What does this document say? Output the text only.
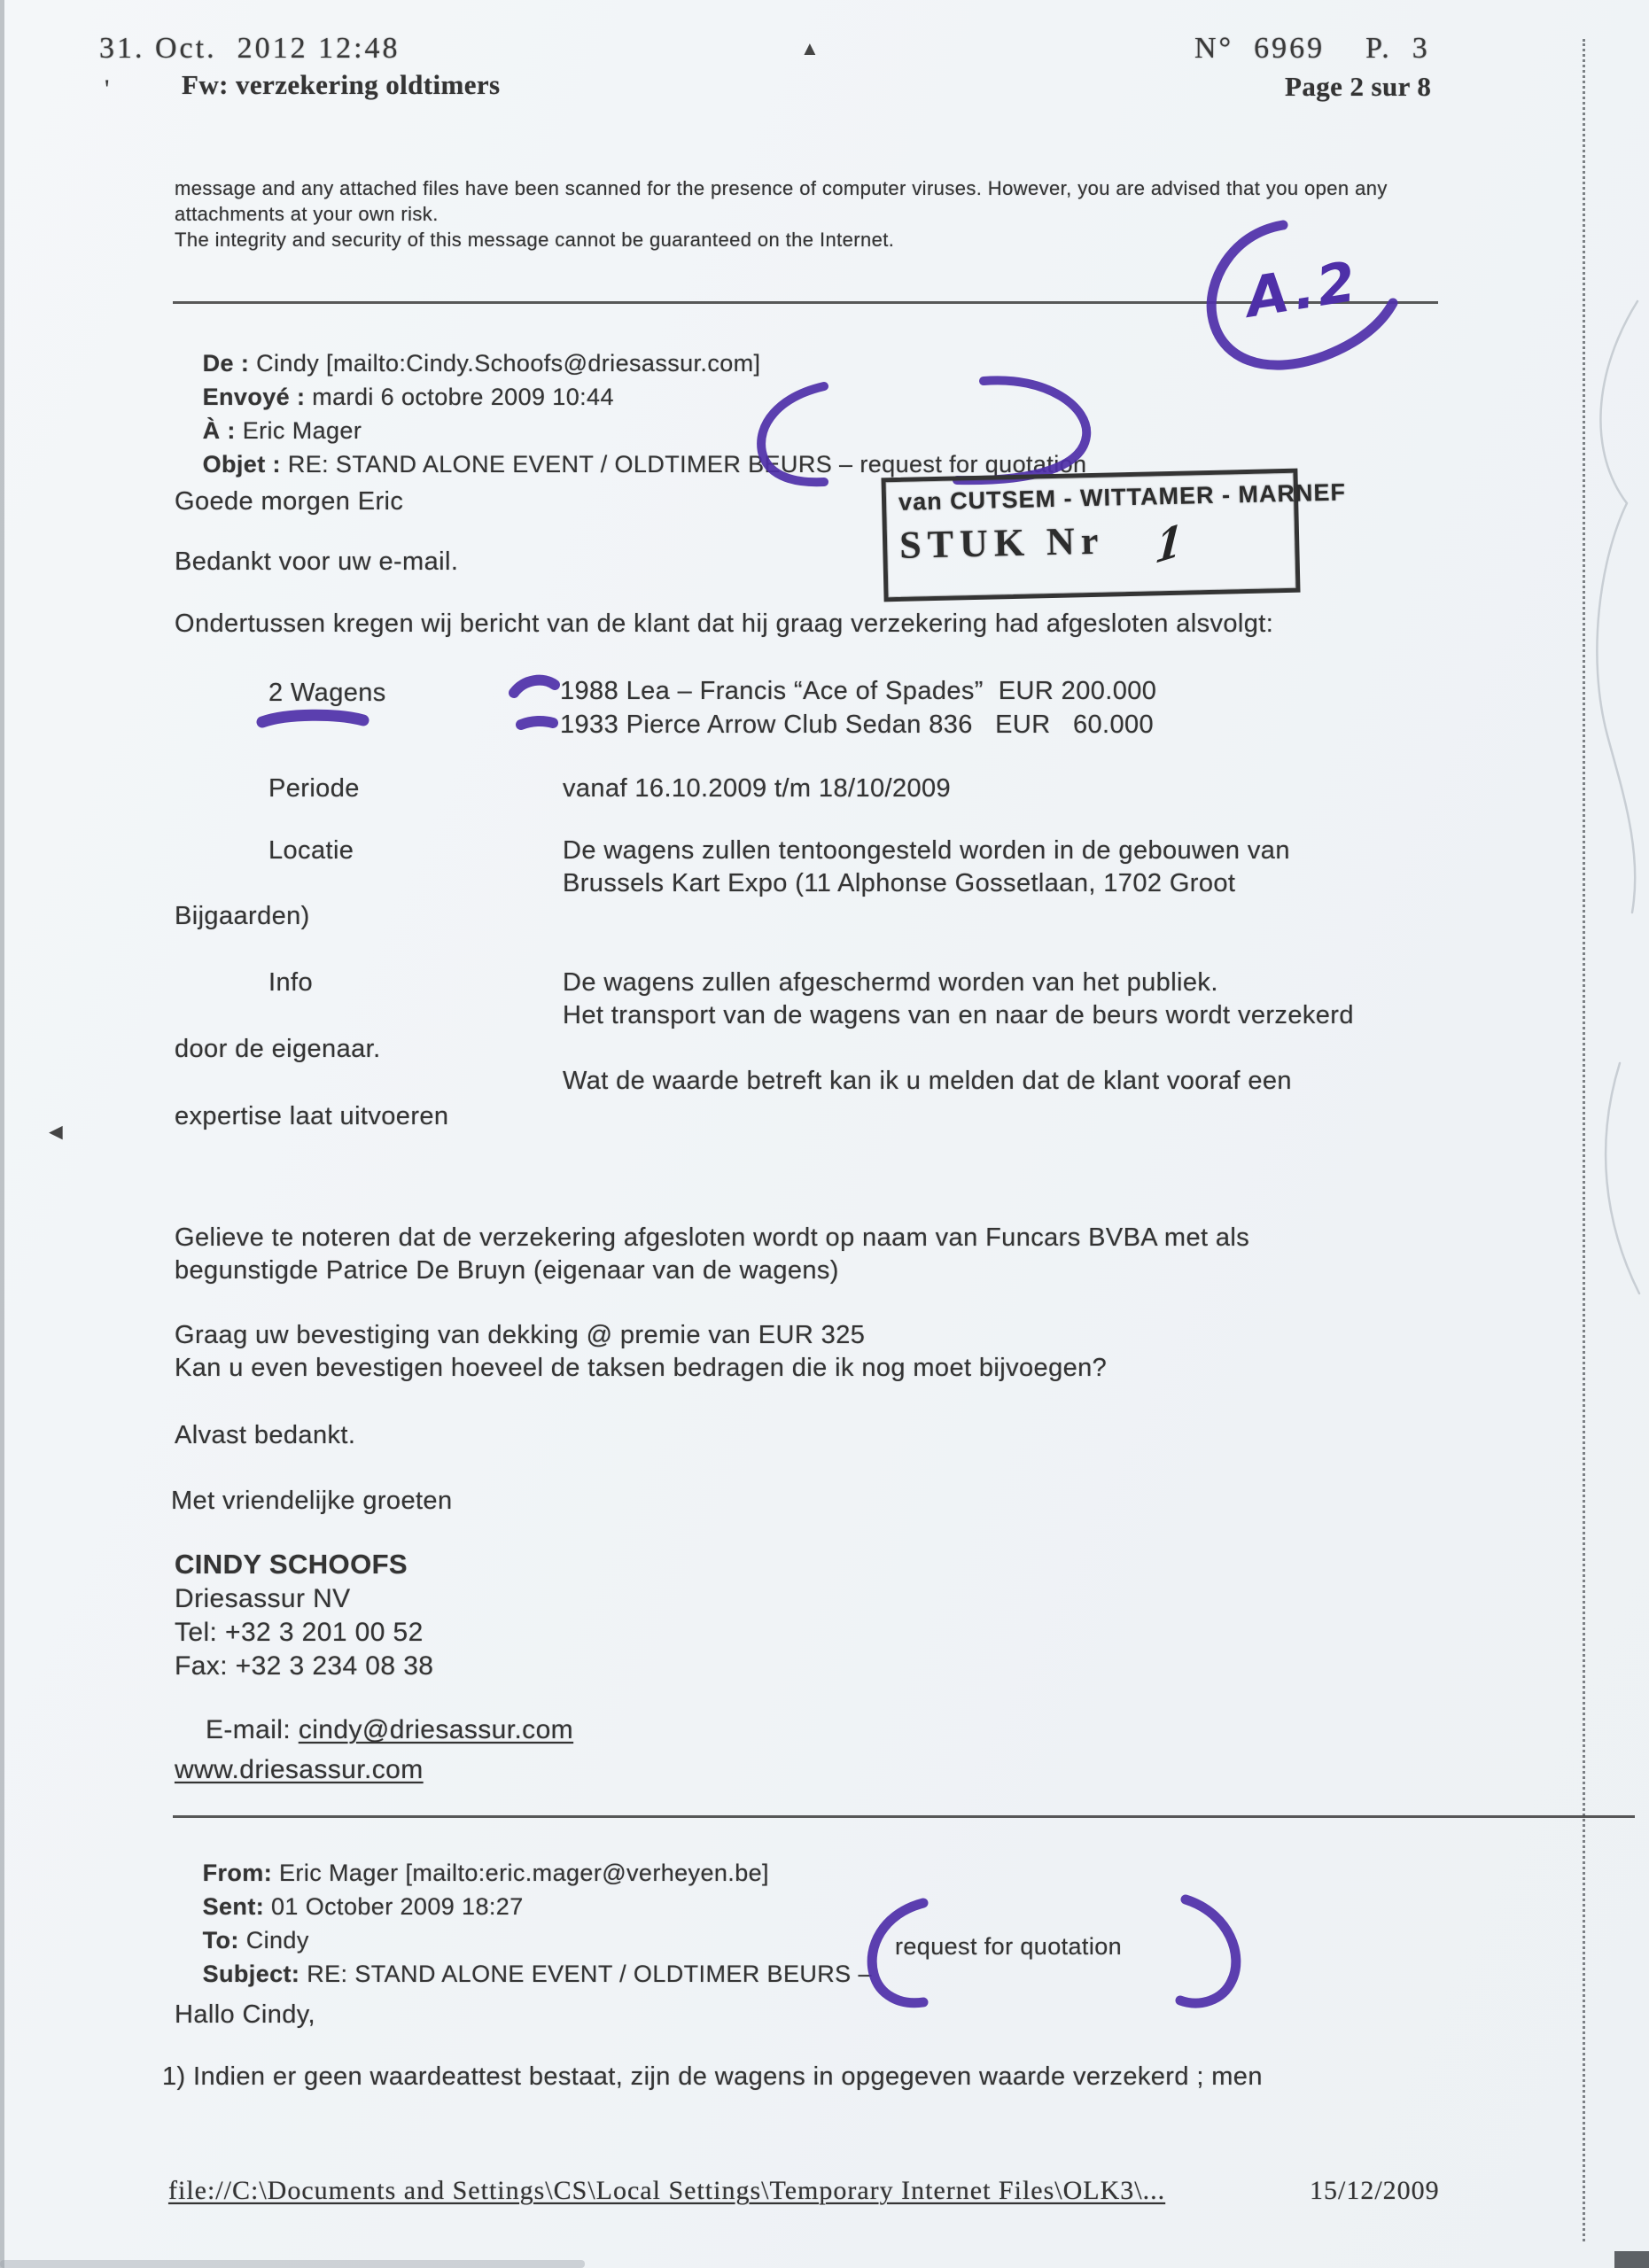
31. Oct.  2012 12:48	N°  6969    P.  3
▲
'	Fw: verzekering oldtimers	Page 2 sur 8
message and any attached files have been scanned for the presence of computer viruses. However, you are advised that you open any
attachments at your own risk.
The integrity and security of this message cannot be guaranteed on the Internet.
A.2

De : Cindy [mailto:Cindy.Schoofs@driesassur.com]

Envoyé : mardi 6 octobre 2009 10:44

À : Eric Mager

Objet : RE: STAND ALONE EVENT / OLDTIMER BEURS – request for quotation

van CUTSEM - WITTAMER - MARNEF
STUK Nr 1
Goede morgen Eric
Bedankt voor uw e-mail.
Ondertussen kregen wij bericht van de klant dat hij graag verzekering had afgesloten alsvolgt:
2 Wagens	1988 Lea – Francis “Ace of Spades”  EUR 200.000
1933 Pierce Arrow Club Sedan 836   EUR   60.000
Periode	vanaf 16.10.2009 t/m 18/10/2009
Locatie	De wagens zullen tentoongesteld worden in de gebouwen van
Brussels Kart Expo (11 Alphonse Gossetlaan, 1702 Groot
Bijgaarden)
Info	De wagens zullen afgeschermd worden van het publiek.
Het transport van de wagens van en naar de beurs wordt verzekerd
door de eigenaar.
Wat de waarde betreft kan ik u melden dat de klant vooraf een
expertise laat uitvoeren
◄
Gelieve te noteren dat de verzekering afgesloten wordt op naam van Funcars BVBA met als
begunstigde Patrice De Bruyn (eigenaar van de wagens)
Graag uw bevestiging van dekking @ premie van EUR 325
Kan u even bevestigen hoeveel de taksen bedragen die ik nog moet bijvoegen?
Alvast bedankt.
Met vriendelijke groeten
CINDY SCHOOFS
Driesassur NV
Tel: +32 3 201 00 52
Fax: +32 3 234 08 38

E-mail: cindy@driesassur.com

www.driesassur.com

From: Eric Mager [mailto:eric.mager@verheyen.be]

Sent: 01 October 2009 18:27

To: Cindy

Subject: RE: STAND ALONE EVENT / OLDTIMER BEURS –

request for quotation
Hallo Cindy,
1) Indien er geen waardeattest bestaat, zijn de wagens in opgegeven waarde verzekerd ; men
file://C:\Documents and Settings\CS\Local Settings\Temporary Internet Files\OLK3\...	15/12/2009
